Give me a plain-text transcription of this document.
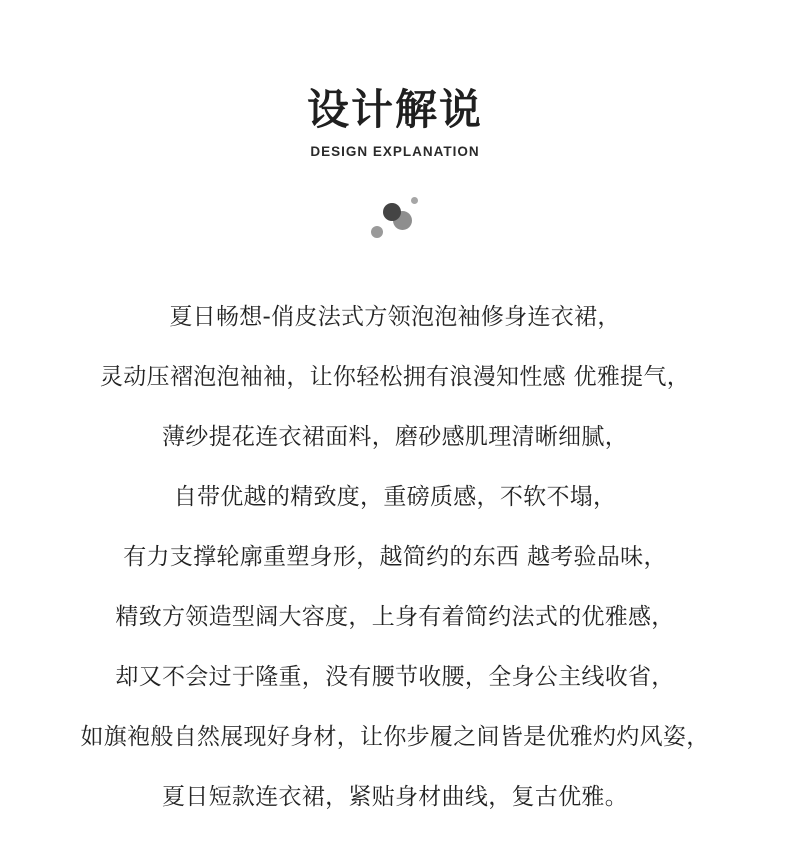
设计解说
DESIGN EXPLANATION
夏日畅想-俏皮法式方领泡泡袖修身连衣裙，
灵动压褶泡泡袖袖，让你轻松拥有浪漫知性感 优雅提气，
薄纱提花连衣裙面料，磨砂感肌理清晰细腻，
自带优越的精致度，重磅质感，不软不塌，
有力支撑轮廓重塑身形，越简约的东西 越考验品味，
精致方领造型阔大容度，上身有着简约法式的优雅感，
却又不会过于隆重，没有腰节收腰，全身公主线收省，
如旗袍般自然展现好身材，让你步履之间皆是优雅灼灼风姿，
夏日短款连衣裙，紧贴身材曲线，复古优雅。
